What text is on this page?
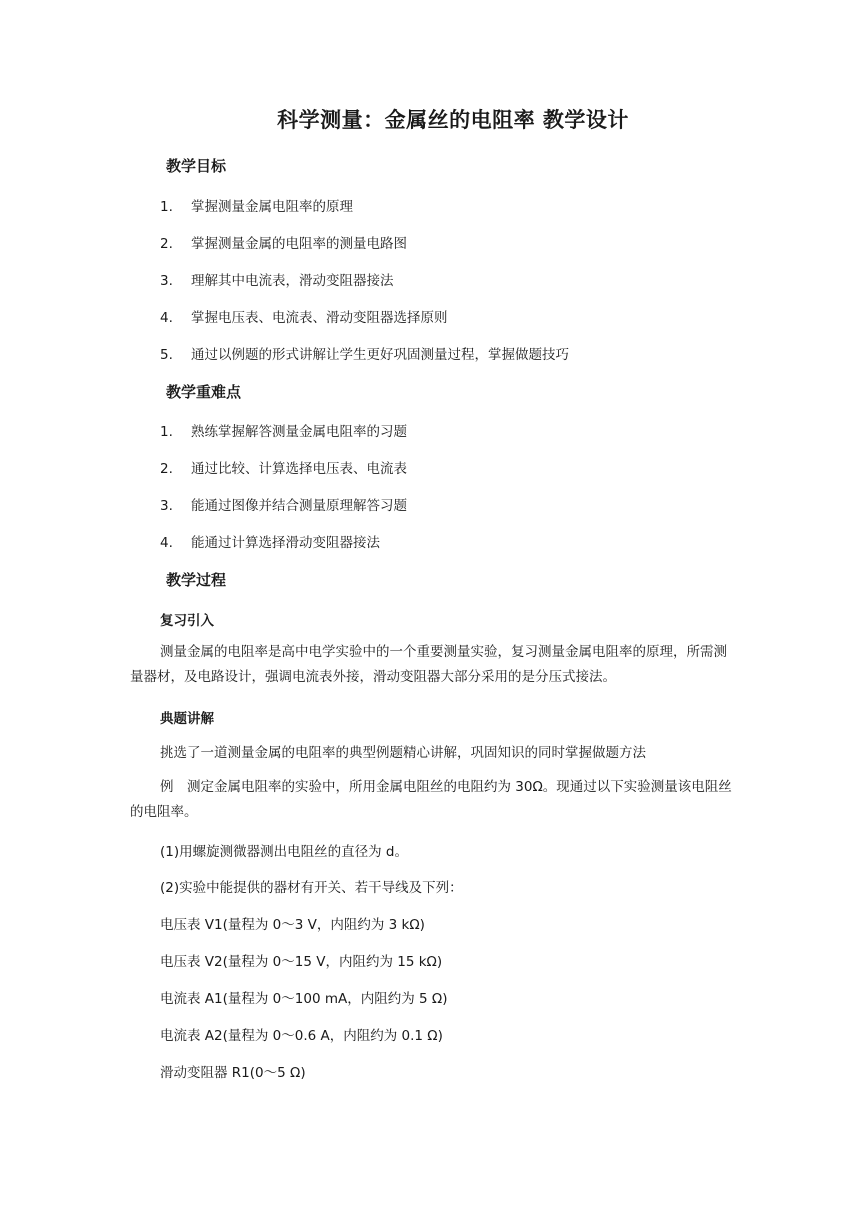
科学测量：金属丝的电阻率 教学设计
教学目标
1. 掌握测量金属电阻率的原理
2. 掌握测量金属的电阻率的测量电路图
3. 理解其中电流表，滑动变阻器接法
4. 掌握电压表、电流表、滑动变阻器选择原则
5. 通过以例题的形式讲解让学生更好巩固测量过程，掌握做题技巧
教学重难点
1. 熟练掌握解答测量金属电阻率的习题
2. 通过比较、计算选择电压表、电流表
3. 能通过图像并结合测量原理解答习题
4. 能通过计算选择滑动变阻器接法
教学过程
复习引入
测量金属的电阻率是高中电学实验中的一个重要测量实验，复习测量金属电阻率的原理，所需测量器材，及电路设计，强调电流表外接，滑动变阻器大部分采用的是分压式接法。
典题讲解
挑选了一道测量金属的电阻率的典型例题精心讲解，巩固知识的同时掌握做题方法
例　测定金属电阻率的实验中，所用金属电阻丝的电阻约为 30Ω。现通过以下实验测量该电阻丝的电阻率。
(1)用螺旋测微器测出电阻丝的直径为 d。
(2)实验中能提供的器材有开关、若干导线及下列：
电压表 V1(量程为 0～3 V，内阻约为 3 kΩ)
电压表 V2(量程为 0～15 V，内阻约为 15 kΩ)
电流表 A1(量程为 0～100 mA，内阻约为 5 Ω)
电流表 A2(量程为 0～0.6 A，内阻约为 0.1 Ω)
滑动变阻器 R1(0～5 Ω)
